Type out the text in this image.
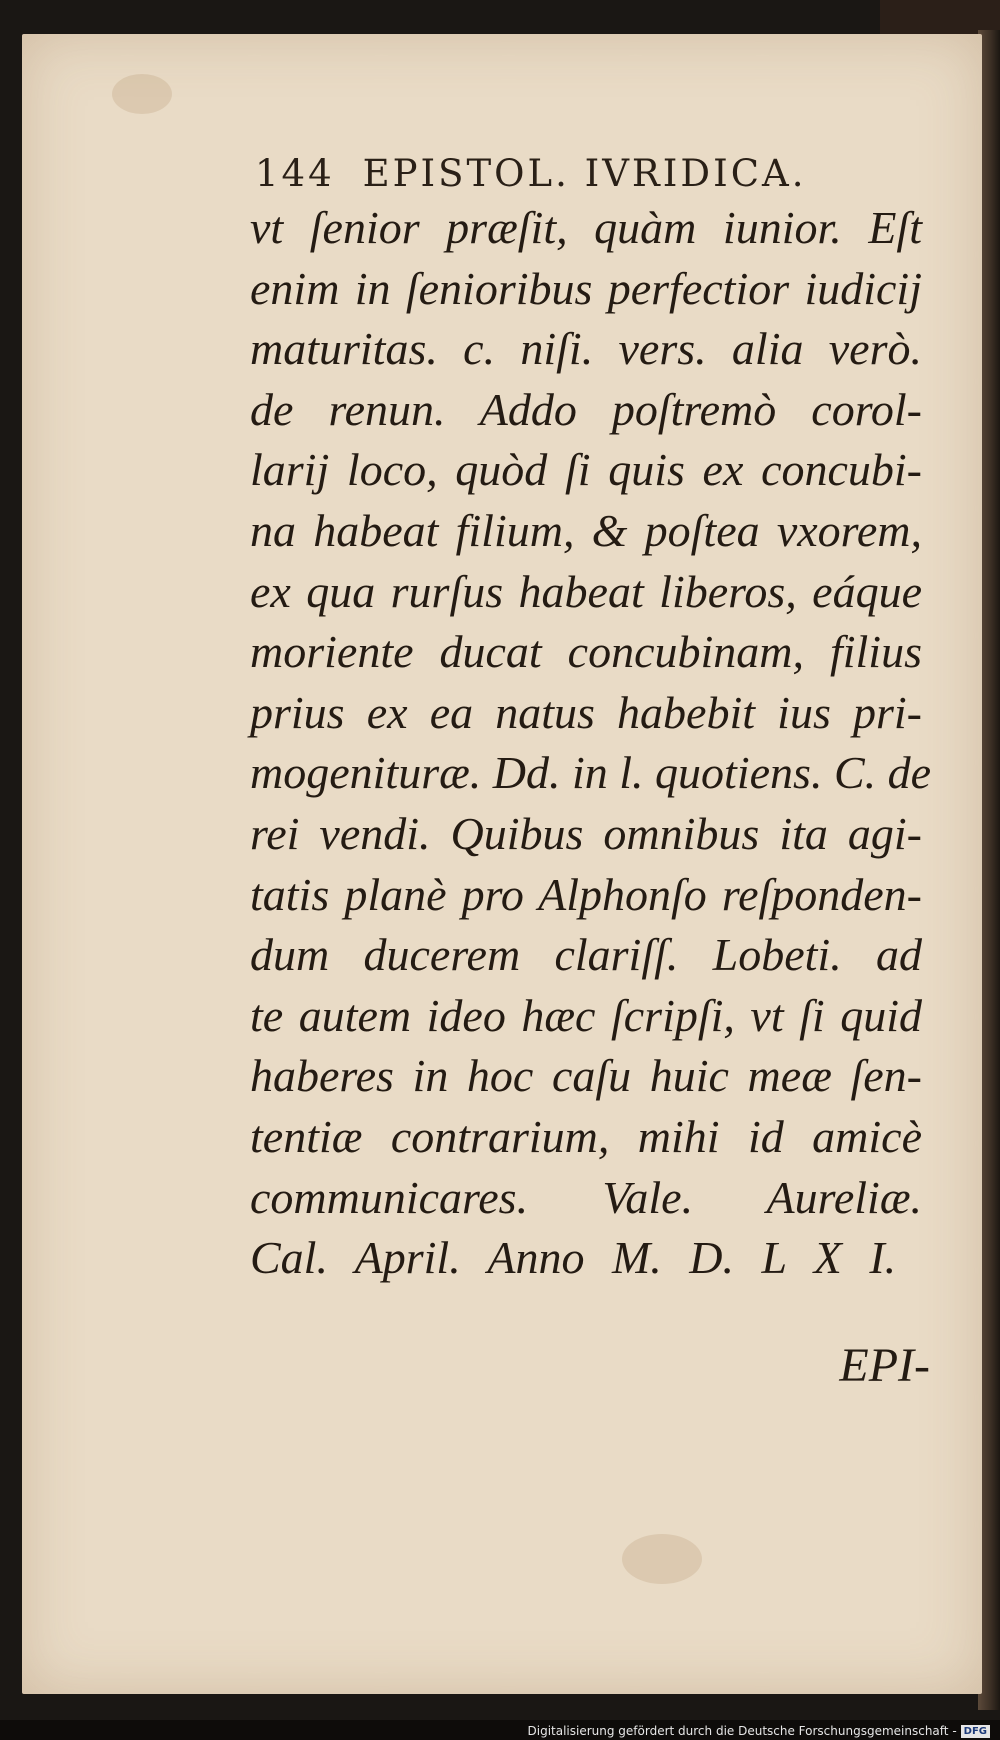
144 EPISTOL. IVRIDICA.
vt ſenior præſit, quàm iunior. Eſt
enim in ſenioribus perfectior iudicij
maturitas. c. niſi. vers. alia verò.
de renun. Addo poſtremò corol-
larij loco, quòd ſi quis ex concubi-
na habeat filium, & poſtea vxorem,
ex qua rurſus habeat liberos, eáque
moriente ducat concubinam, filius
prius ex ea natus habebit ius pri-
mogenituræ. Dd. in l. quotiens. C. de
rei vendi. Quibus omnibus ita agi-
tatis planè pro Alphonſo reſponden-
dum ducerem clariſſ. Lobeti. ad
te autem ideo hæc ſcripſi, vt ſi quid
haberes in hoc caſu huic meæ ſen-
tentiæ contrarium, mihi id amicè
communicares. Vale. Aureliæ.
Cal. April. Anno M. D. L X I.
EPI-
Digitalisierung gefördert durch die Deutsche Forschungsgemeinschaft - DFG
